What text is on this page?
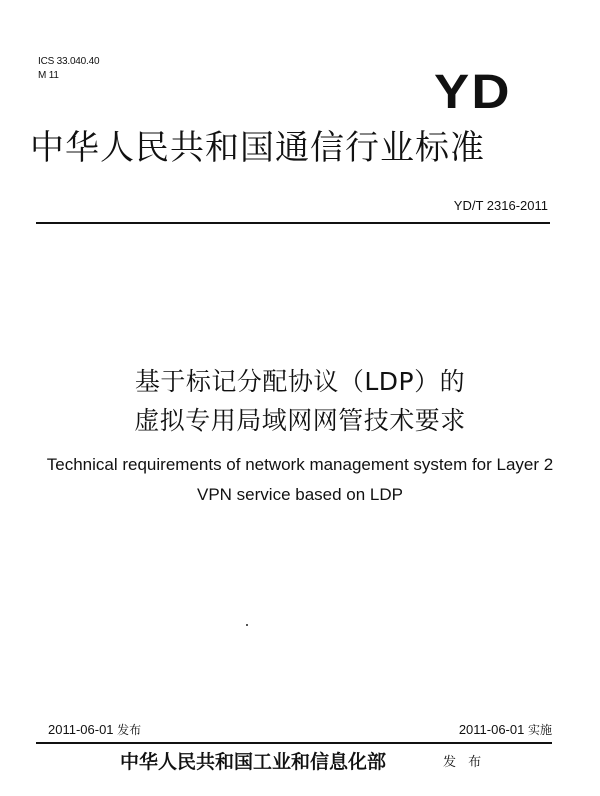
ICS 33.040.40
M 11	YD
中华人民共和国通信行业标准
YD/T 2316-2011
基于标记分配协议（LDP）的
虚拟专用局域网网管技术要求
Technical requirements of network management system for Layer 2
VPN service based on LDP
2011-06-01 发布	2011-06-01 实施
中华人民共和国工业和信息化部	发 布
